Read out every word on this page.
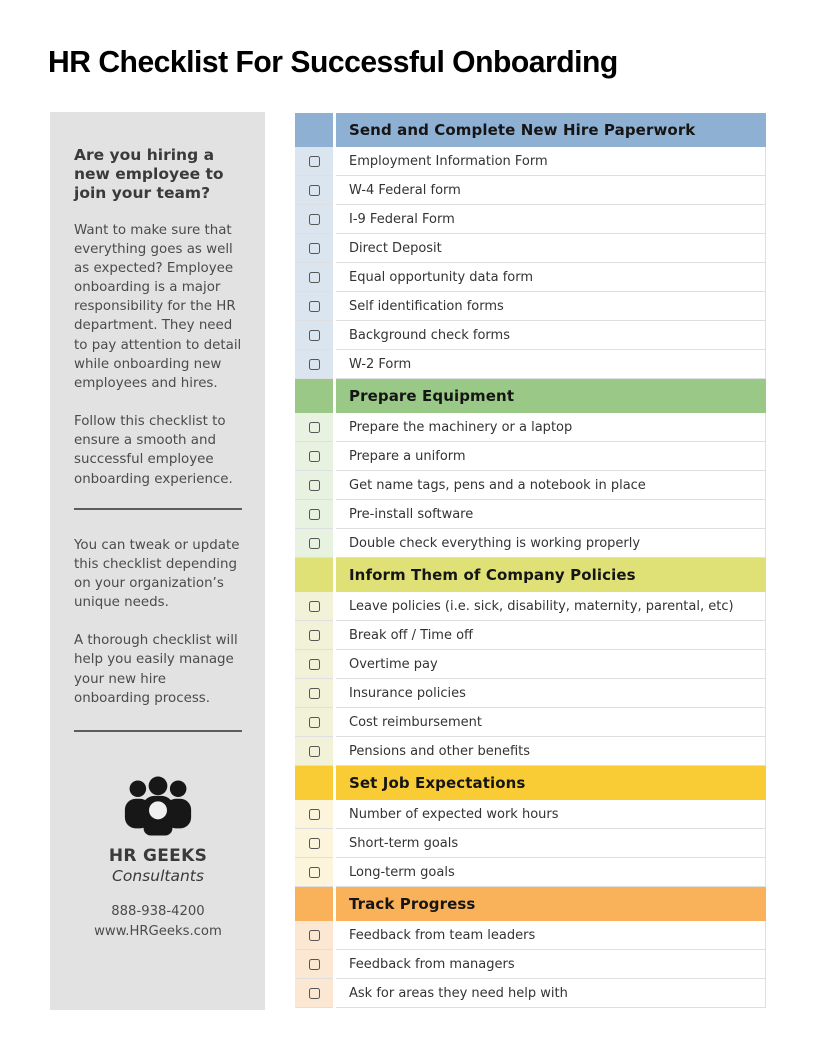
HR Checklist For Successful Onboarding
Are you hiring a new employee to join your team?

Want to make sure that everything goes as well as expected? Employee onboarding is a major responsibility for the HR department. They need to pay attention to detail while onboarding new employees and hires.

Follow this checklist to ensure a smooth and successful employee onboarding experience.

You can tweak or update this checklist depending on your organization’s unique needs.

A thorough checklist will help you easily manage your new hire onboarding process.

HR GEEKS
Consultants
888-938-4200
www.HRGeeks.com
Send and Complete New Hire Paperwork
Employment Information Form
W-4 Federal form
I-9 Federal Form
Direct Deposit
Equal opportunity data form
Self identification forms
Background check forms
W-2 Form
Prepare Equipment
Prepare the machinery or a laptop
Prepare a uniform
Get name tags, pens and a notebook in place
Pre-install software
Double check everything is working properly
Inform Them of Company Policies
Leave policies (i.e. sick, disability, maternity, parental, etc)
Break off / Time off
Overtime pay
Insurance policies
Cost reimbursement
Pensions and other benefits
Set Job Expectations
Number of expected work hours
Short-term goals
Long-term goals
Track Progress
Feedback from team leaders
Feedback from managers
Ask for areas they need help with
